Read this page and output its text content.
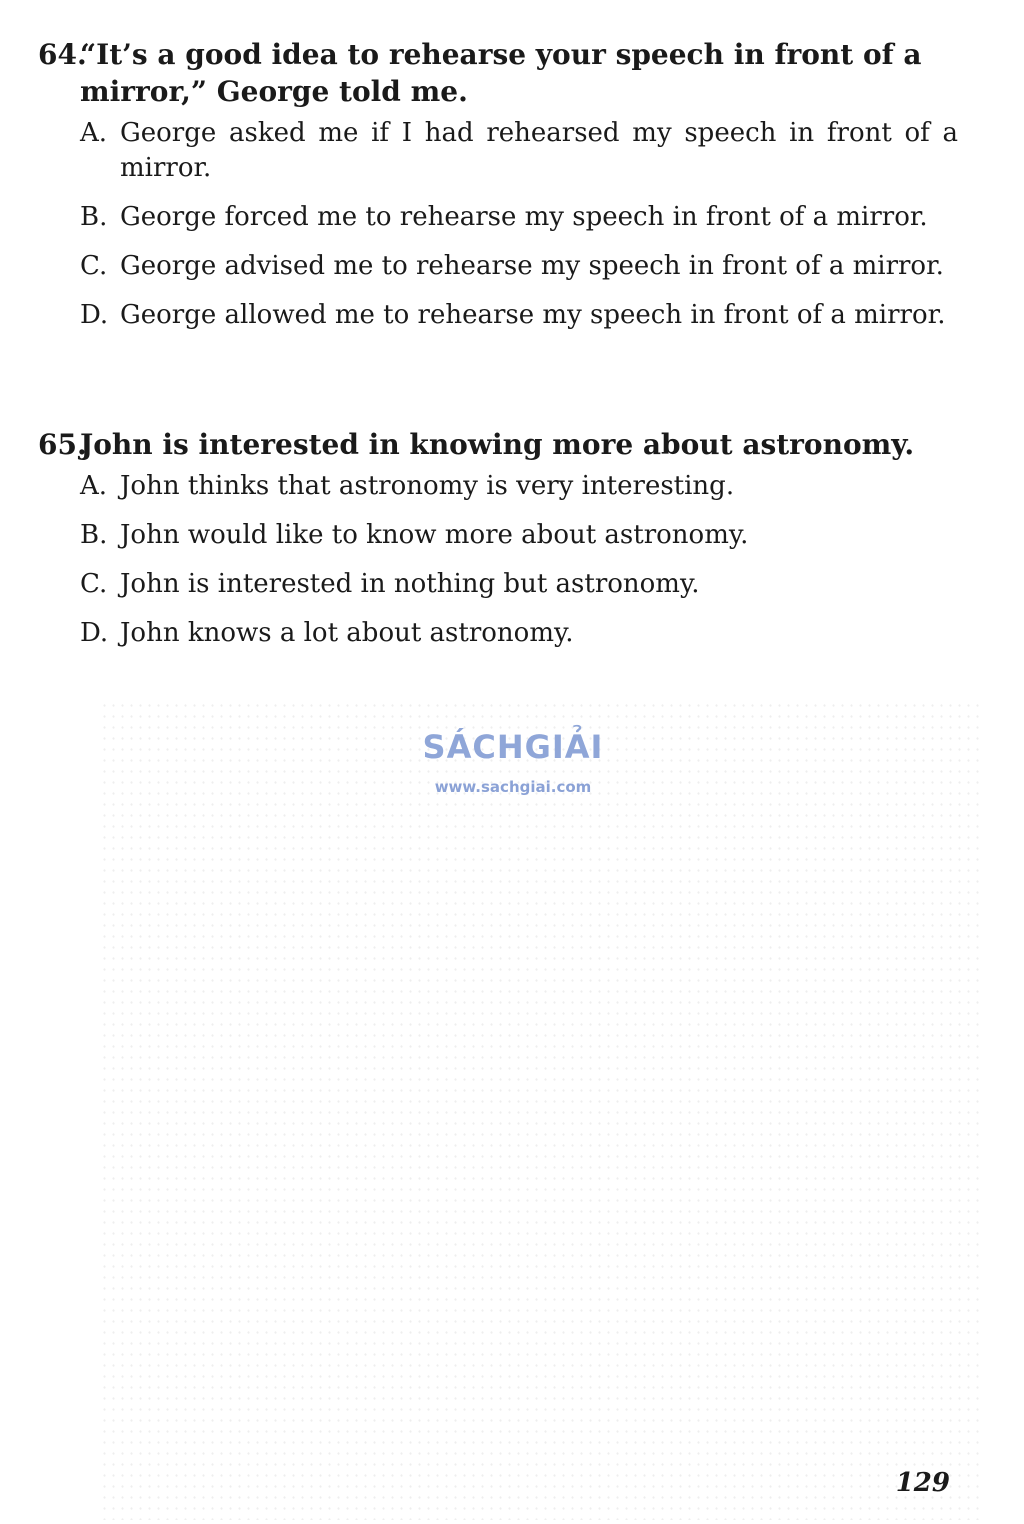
64.
“It’s a good idea to rehearse your speech in front of a mirror,” George told me.
A. George asked me if I had rehearsed my speech in front of a mirror.
B. George forced me to rehearse my speech in front of a mirror.
C. George advised me to rehearse my speech in front of a mirror.
D. George allowed me to rehearse my speech in front of a mirror.
65.
John is interested in knowing more about astronomy.
A. John thinks that astronomy is very interesting.
B. John would like to know more about astronomy.
C. John is interested in nothing but astronomy.
D. John knows a lot about astronomy.
SÁCHGIẢI
www.sachgiai.com
129
